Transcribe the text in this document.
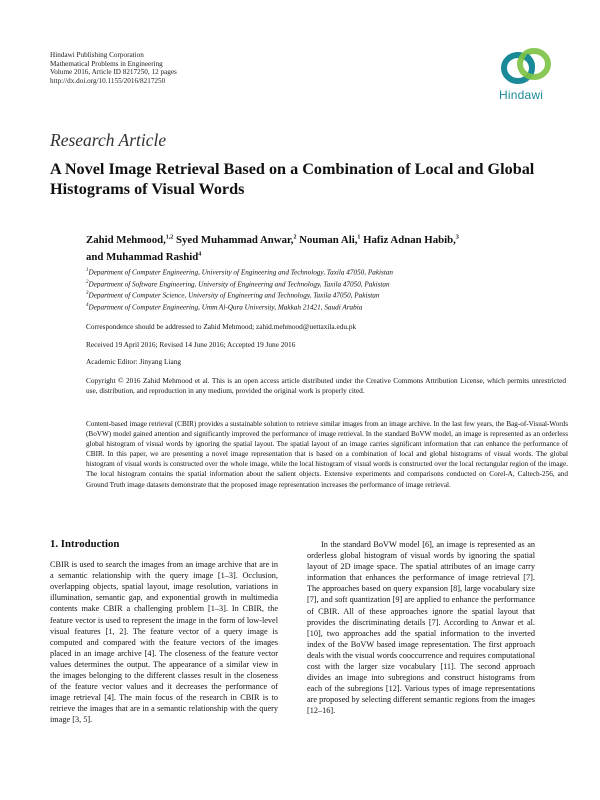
Hindawi Publishing Corporation
Mathematical Problems in Engineering
Volume 2016, Article ID 8217250, 12 pages
http://dx.doi.org/10.1155/2016/8217250
Hindawi
Research Article
A Novel Image Retrieval Based on a Combination of Local and Global Histograms of Visual Words
Zahid Mehmood,$^{1,2}$ Syed Muhammad Anwar,$^2$ Nouman Ali,$^1$ Hafiz Adnan Habib,$^3$
and Muhammad Rashid$^4$
$^1$Department of Computer Engineering, University of Engineering and Technology, Taxila 47050, Pakistan
$^2$Department of Software Engineering, University of Engineering and Technology, Taxila 47050, Pakistan
$^3$Department of Computer Science, University of Engineering and Technology, Taxila 47050, Pakistan
$^4$Department of Computer Engineering, Umm Al-Qura University, Makkah 21421, Saudi Arabia
Correspondence should be addressed to Zahid Mehmood; zahid.mehmood@uettaxila.edu.pk
Received 19 April 2016; Revised 14 June 2016; Accepted 19 June 2016
Academic Editor: Jinyang Liang
Copyright © 2016 Zahid Mehmood et al. This is an open access article distributed under the Creative Commons Attribution License, which permits unrestricted use, distribution, and reproduction in any medium, provided the original work is properly cited.
Content-based image retrieval (CBIR) provides a sustainable solution to retrieve similar images from an image archive. In the last few years, the Bag-of-Visual-Words (BoVW) model gained attention and significantly improved the performance of image retrieval. In the standard BoVW model, an image is represented as an orderless global histogram of visual words by ignoring the spatial layout. The spatial layout of an image carries significant information that can enhance the performance of CBIR. In this paper, we are presenting a novel image representation that is based on a combination of local and global histograms of visual words. The global histogram of visual words is constructed over the whole image, while the local histogram of visual words is constructed over the local rectangular region of the image. The local histogram contains the spatial information about the salient objects. Extensive experiments and comparisons conducted on Corel-A, Caltech-256, and Ground Truth image datasets demonstrate that the proposed image representation increases the performance of image retrieval.
1. Introduction
CBIR is used to search the images from an image archive that are in a semantic relationship with the query image [1–3]. Occlusion, overlapping objects, spatial layout, image resolution, variations in illumination, semantic gap, and exponential growth in multimedia contents make CBIR a challenging problem [1–3]. In CBIR, the feature vector is used to represent the image in the form of low-level visual features [1, 2]. The feature vector of a query image is computed and compared with the feature vectors of the images placed in an image archive [4]. The closeness of the feature vector values determines the output. The appearance of a similar view in the images belonging to the different classes result in the closeness of the feature vector values and it decreases the performance of image retrieval [4]. The main focus of the research in CBIR is to retrieve the images that are in a semantic relationship with the query image [3, 5].
In the standard BoVW model [6], an image is represented as an orderless global histogram of visual words by ignoring the spatial layout of 2D image space. The spatial attributes of an image carry information that enhances the performance of image retrieval [7]. The approaches based on query expansion [8], large vocabulary size [7], and soft quantization [9] are applied to enhance the performance of CBIR. All of these approaches ignore the spatial layout that provides the discriminating details [7]. According to Anwar et al. [10], two approaches add the spatial information to the inverted index of the BoVW based image representation. The first approach deals with the visual words cooccurrence and requires computational cost with the larger size vocabulary [11]. The second approach divides an image into subregions and construct histograms from each of the subregions [12]. Various types of image representations are proposed by selecting different semantic regions from the images [12–16].
